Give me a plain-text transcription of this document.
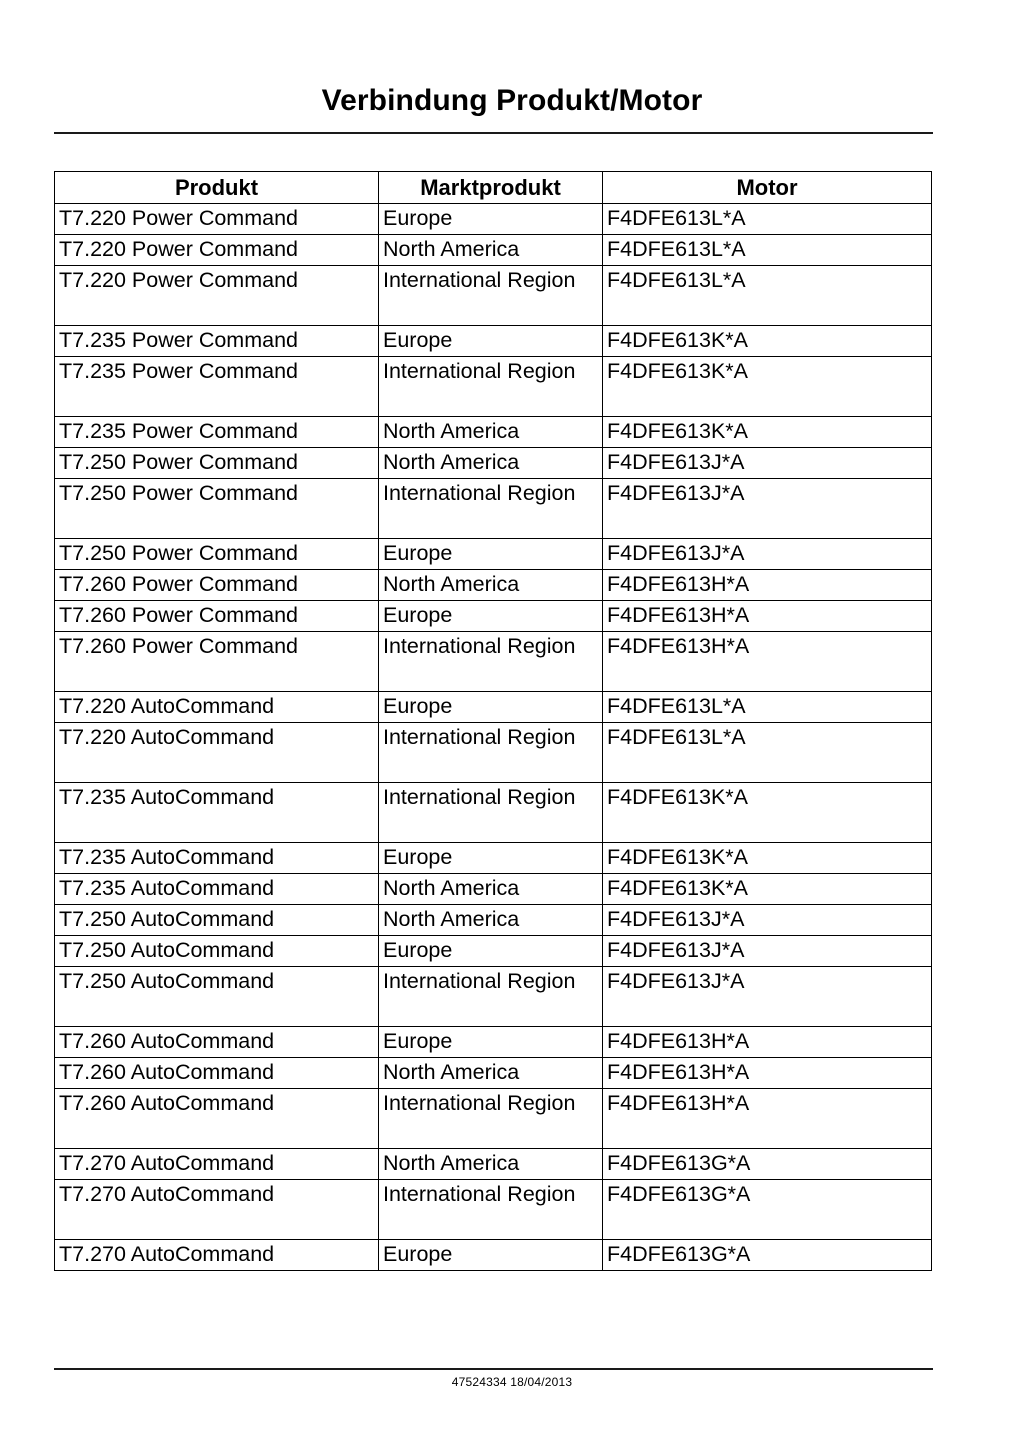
Verbindung Produkt/Motor
Produkt	Marktprodukt	Motor

T7.220 Power Command	Europe	F4DFE613L*A

T7.220 Power Command	North America	F4DFE613L*A

T7.220 Power Command	International Region	F4DFE613L*A

T7.235 Power Command	Europe	F4DFE613K*A

T7.235 Power Command	International Region	F4DFE613K*A

T7.235 Power Command	North America	F4DFE613K*A

T7.250 Power Command	North America	F4DFE613J*A

T7.250 Power Command	International Region	F4DFE613J*A

T7.250 Power Command	Europe	F4DFE613J*A

T7.260 Power Command	North America	F4DFE613H*A

T7.260 Power Command	Europe	F4DFE613H*A

T7.260 Power Command	International Region	F4DFE613H*A

T7.220 AutoCommand	Europe	F4DFE613L*A

T7.220 AutoCommand	International Region	F4DFE613L*A

T7.235 AutoCommand	International Region	F4DFE613K*A

T7.235 AutoCommand	Europe	F4DFE613K*A

T7.235 AutoCommand	North America	F4DFE613K*A

T7.250 AutoCommand	North America	F4DFE613J*A

T7.250 AutoCommand	Europe	F4DFE613J*A

T7.250 AutoCommand	International Region	F4DFE613J*A

T7.260 AutoCommand	Europe	F4DFE613H*A

T7.260 AutoCommand	North America	F4DFE613H*A

T7.260 AutoCommand	International Region	F4DFE613H*A

T7.270 AutoCommand	North America	F4DFE613G*A

T7.270 AutoCommand	International Region	F4DFE613G*A

T7.270 AutoCommand	Europe	F4DFE613G*A
47524334 18/04/2013
